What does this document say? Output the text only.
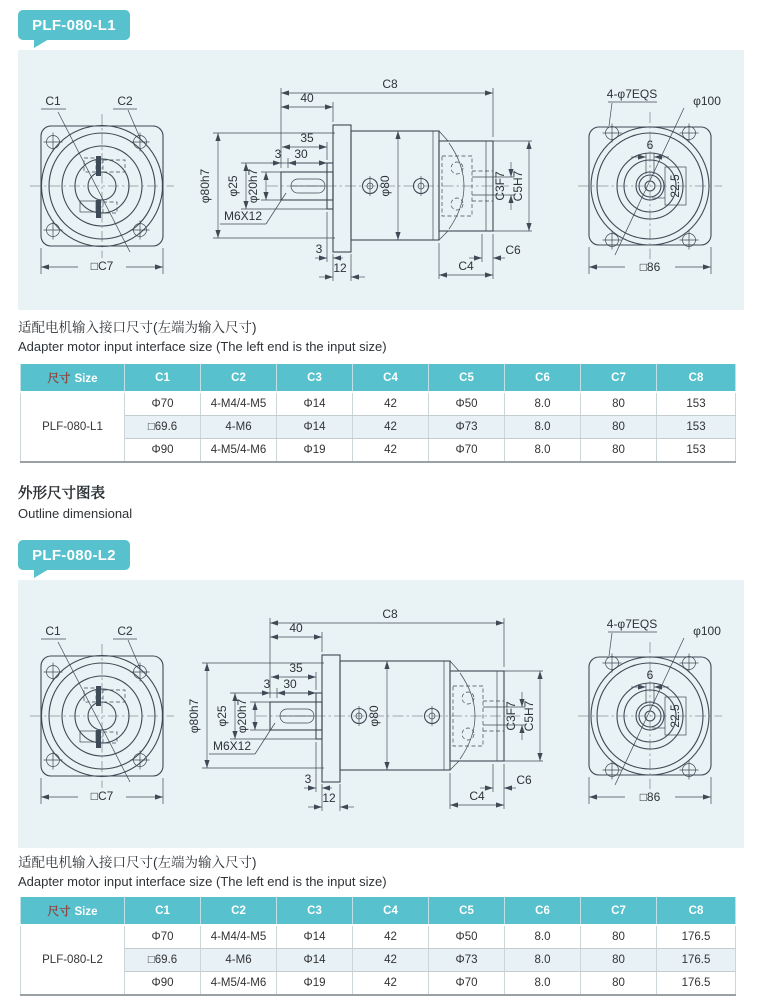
PLF-080-L1
C1	C2
□C7
φ80
φ80h7 φ25 φ20h7
M6X12
C8
40
35
3 30
3
12	C4
C6
C3F7 C5H7
4-φ7EQS	φ100
6
22.5
□86
适配电机输入接口尺寸(左端为输入尺寸)
Adapter motor input interface size (The left end is the input size)
尺寸 Size	C1	C2	C3	C4	C5	C6	C7	C8
PLF-080-L1	Φ70	4-M4/4-M5	Φ14	42	Φ50	8.0	80	153
	□69.6	4-M6	Φ14	42	Φ73	8.0	80	153
	Φ90	4-M5/4-M6	Φ19	42	Φ70	8.0	80	153
外形尺寸图表
Outline dimensional
PLF-080-L2
C1	C2
□C7
φ80
φ80h7 φ25 φ20h7
M6X12
C8
40
35
3 30
3
12	C4
C6
C3F7 C5H7
4-φ7EQS	φ100
6
22.5
□86
适配电机输入接口尺寸(左端为输入尺寸)
Adapter motor input interface size (The left end is the input size)
尺寸 Size	C1	C2	C3	C4	C5	C6	C7	C8
PLF-080-L2	Φ70	4-M4/4-M5	Φ14	42	Φ50	8.0	80	176.5
	□69.6	4-M6	Φ14	42	Φ73	8.0	80	176.5
	Φ90	4-M5/4-M6	Φ19	42	Φ70	8.0	80	176.5
